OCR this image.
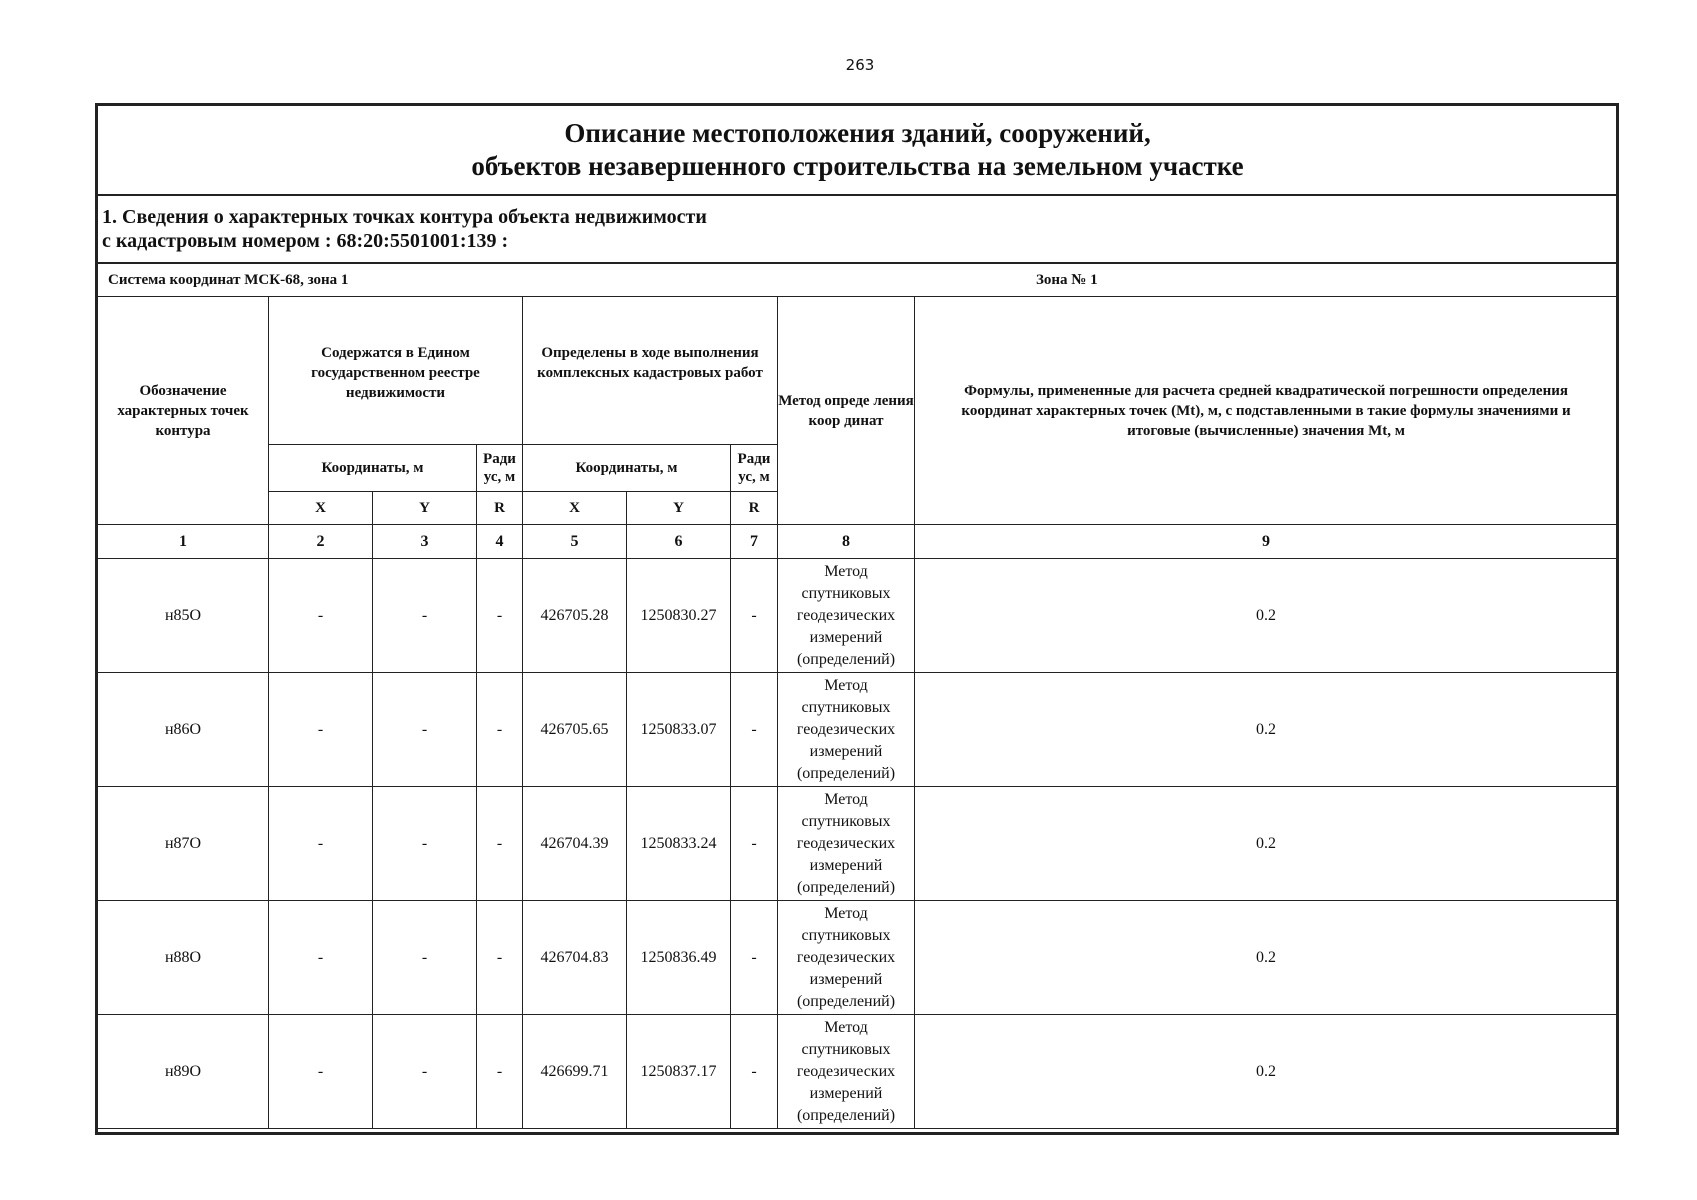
263
Описание местоположения зданий, сооружений,
объектов незавершенного строительства на земельном участке								

1. Сведения о характерных точках контура объекта недвижимости
с кадастровым номером : 68:20:5501001:139 :								

Система координат МСК-68, зона 1 Зона № 1								

Обозначение характерных точек контура	Содержатся в Едином государственном реестре недвижимости			Определены в ходе выполнения комплексных кадастровых работ			Метод опреде ления коор динат	Формулы, примененные для расчета средней квадратической погрешности определения координат характерных точек (Mt), м, с подставленными в такие формулы значениями и итоговые (вычисленные) значения Mt, м
	Координаты, м		Ради ус, м	Координаты, м		Ради ус, м		
	X	Y	R	X	Y	R		
1	2	3	4	5	6	7	8	9
н85О	-	-	-	426705.28	1250830.27	-	Метод спутниковых геодезических измерений (определений)	0.2
н86О	-	-	-	426705.65	1250833.07	-	Метод спутниковых геодезических измерений (определений)	0.2
н87О	-	-	-	426704.39	1250833.24	-	Метод спутниковых геодезических измерений (определений)	0.2
н88О	-	-	-	426704.83	1250836.49	-	Метод спутниковых геодезических измерений (определений)	0.2
н89О	-	-	-	426699.71	1250837.17	-	Метод спутниковых геодезических измерений (определений)	0.2
